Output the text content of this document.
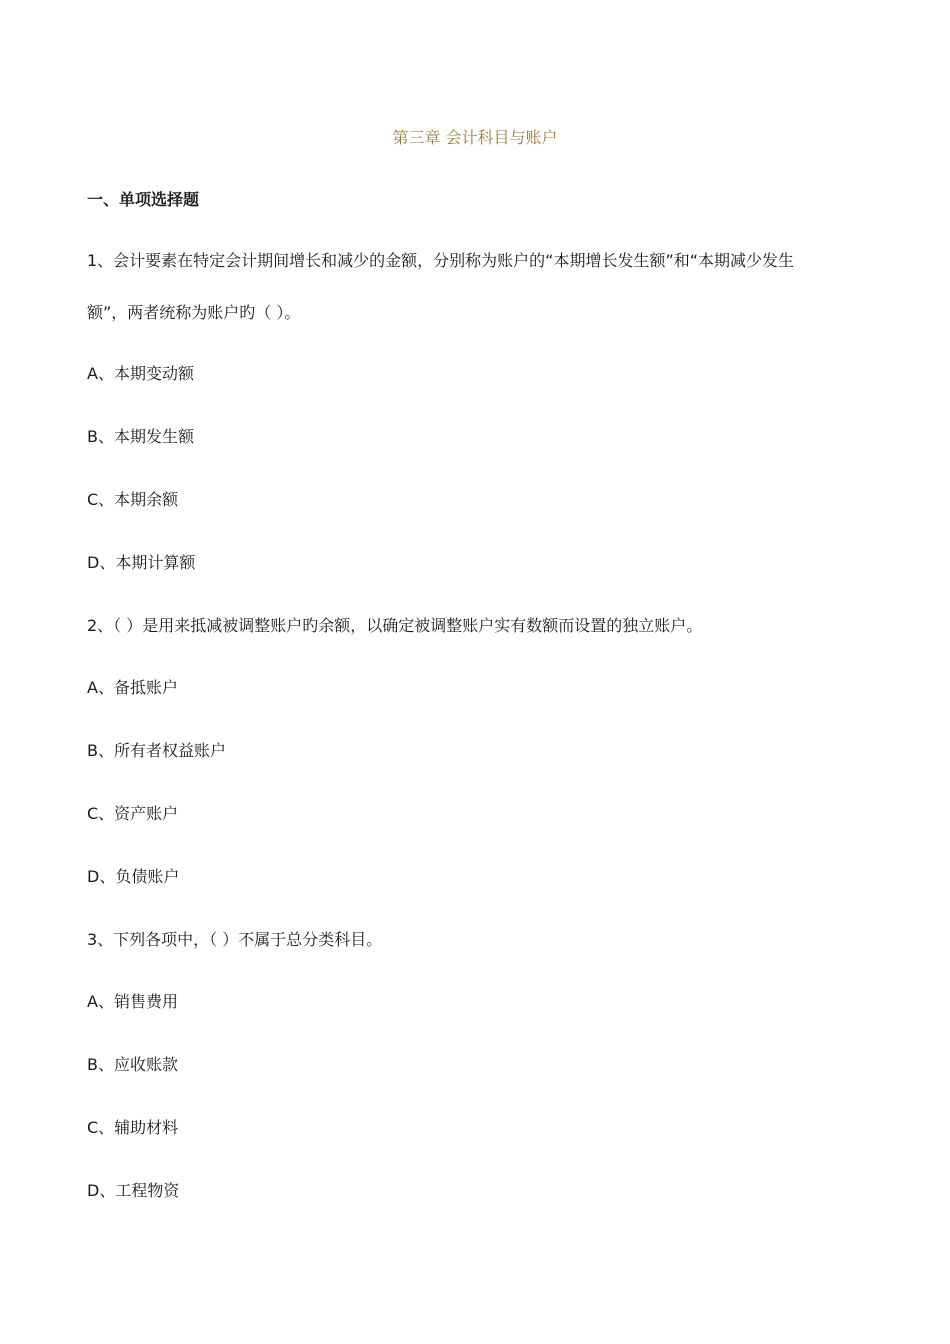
第三章 会计科目与账户
一、单项选择题
1、会计要素在特定会计期间增长和减少的金额，分别称为账户的“本期增长发生额”和“本期减少发生
额”，两者统称为账户旳（ ）。
A、本期变动额
B、本期发生额
C、本期余额
D、本期计算额
2、（ ）是用来抵减被调整账户旳余额，以确定被调整账户实有数额而设置的独立账户。
A、备抵账户
B、所有者权益账户
C、资产账户
D、负债账户
3、下列各项中，（ ）不属于总分类科目。
A、销售费用
B、应收账款
C、辅助材料
D、工程物资
